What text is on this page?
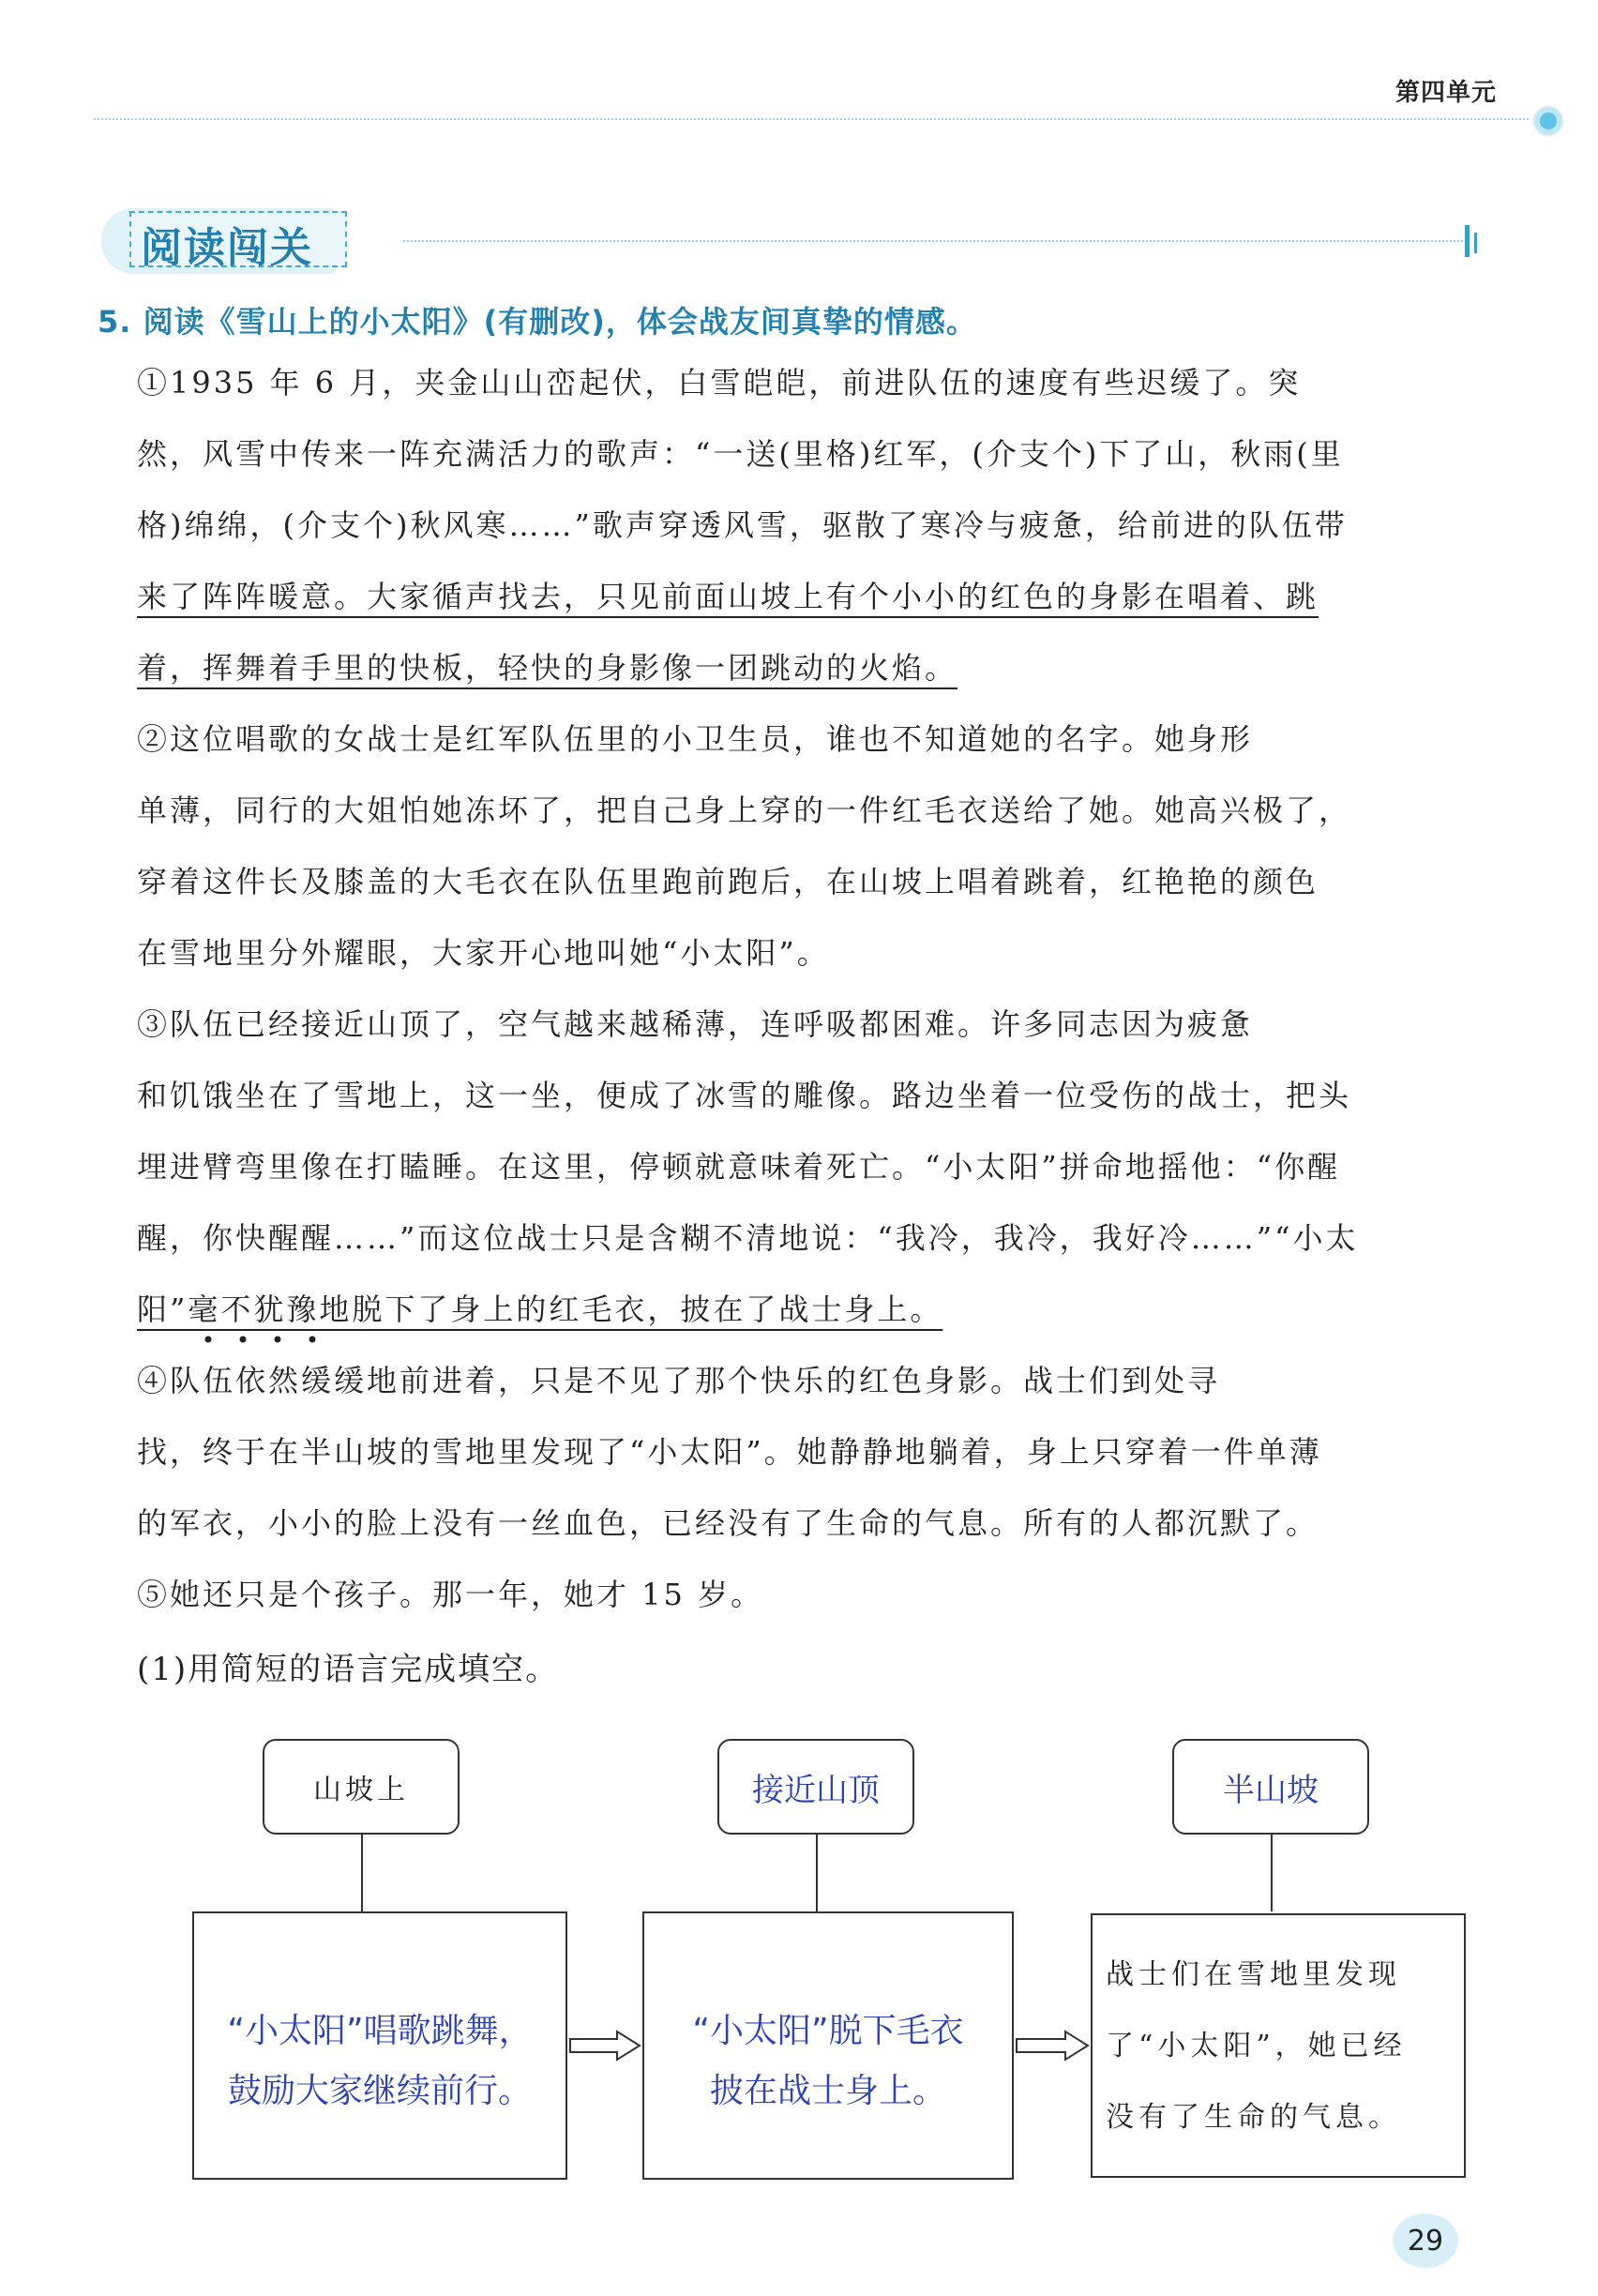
第四单元
阅读闯关
5. 阅读《雪山上的小太阳》(有删改)，体会战友间真挚的情感。
①1935 年 6 月，夹金山山峦起伏，白雪皑皑，前进队伍的速度有些迟缓了。突
然，风雪中传来一阵充满活力的歌声：“一送(里格)红军，(介支个)下了山，秋雨(里
格)绵绵，(介支个)秋风寒……”歌声穿透风雪，驱散了寒冷与疲惫，给前进的队伍带
来了阵阵暖意。大家循声找去，只见前面山坡上有个小小的红色的身影在唱着、跳
着，挥舞着手里的快板，轻快的身影像一团跳动的火焰。
②这位唱歌的女战士是红军队伍里的小卫生员，谁也不知道她的名字。她身形
单薄，同行的大姐怕她冻坏了，把自己身上穿的一件红毛衣送给了她。她高兴极了，
穿着这件长及膝盖的大毛衣在队伍里跑前跑后，在山坡上唱着跳着，红艳艳的颜色
在雪地里分外耀眼，大家开心地叫她“小太阳”。
③队伍已经接近山顶了，空气越来越稀薄，连呼吸都困难。许多同志因为疲惫
和饥饿坐在了雪地上，这一坐，便成了冰雪的雕像。路边坐着一位受伤的战士，把头
埋进臂弯里像在打瞌睡。在这里，停顿就意味着死亡。“小太阳”拼命地摇他：“你醒
醒，你快醒醒……”而这位战士只是含糊不清地说：“我冷，我冷，我好冷……”“小太
阳”毫不犹豫地脱下了身上的红毛衣，披在了战士身上。
④队伍依然缓缓地前进着，只是不见了那个快乐的红色身影。战士们到处寻
找，终于在半山坡的雪地里发现了“小太阳”。她静静地躺着，身上只穿着一件单薄
的军衣，小小的脸上没有一丝血色，已经没有了生命的气息。所有的人都沉默了。
⑤她还只是个孩子。那一年，她才 15 岁。
(1)用简短的语言完成填空。
山坡上	接近山顶	半山坡
“小太阳”唱歌跳舞，
鼓励大家继续前行。
“小太阳”脱下毛衣
披在战士身上。
战士们在雪地里发现
了“小太阳”，她已经
没有了生命的气息。
29
